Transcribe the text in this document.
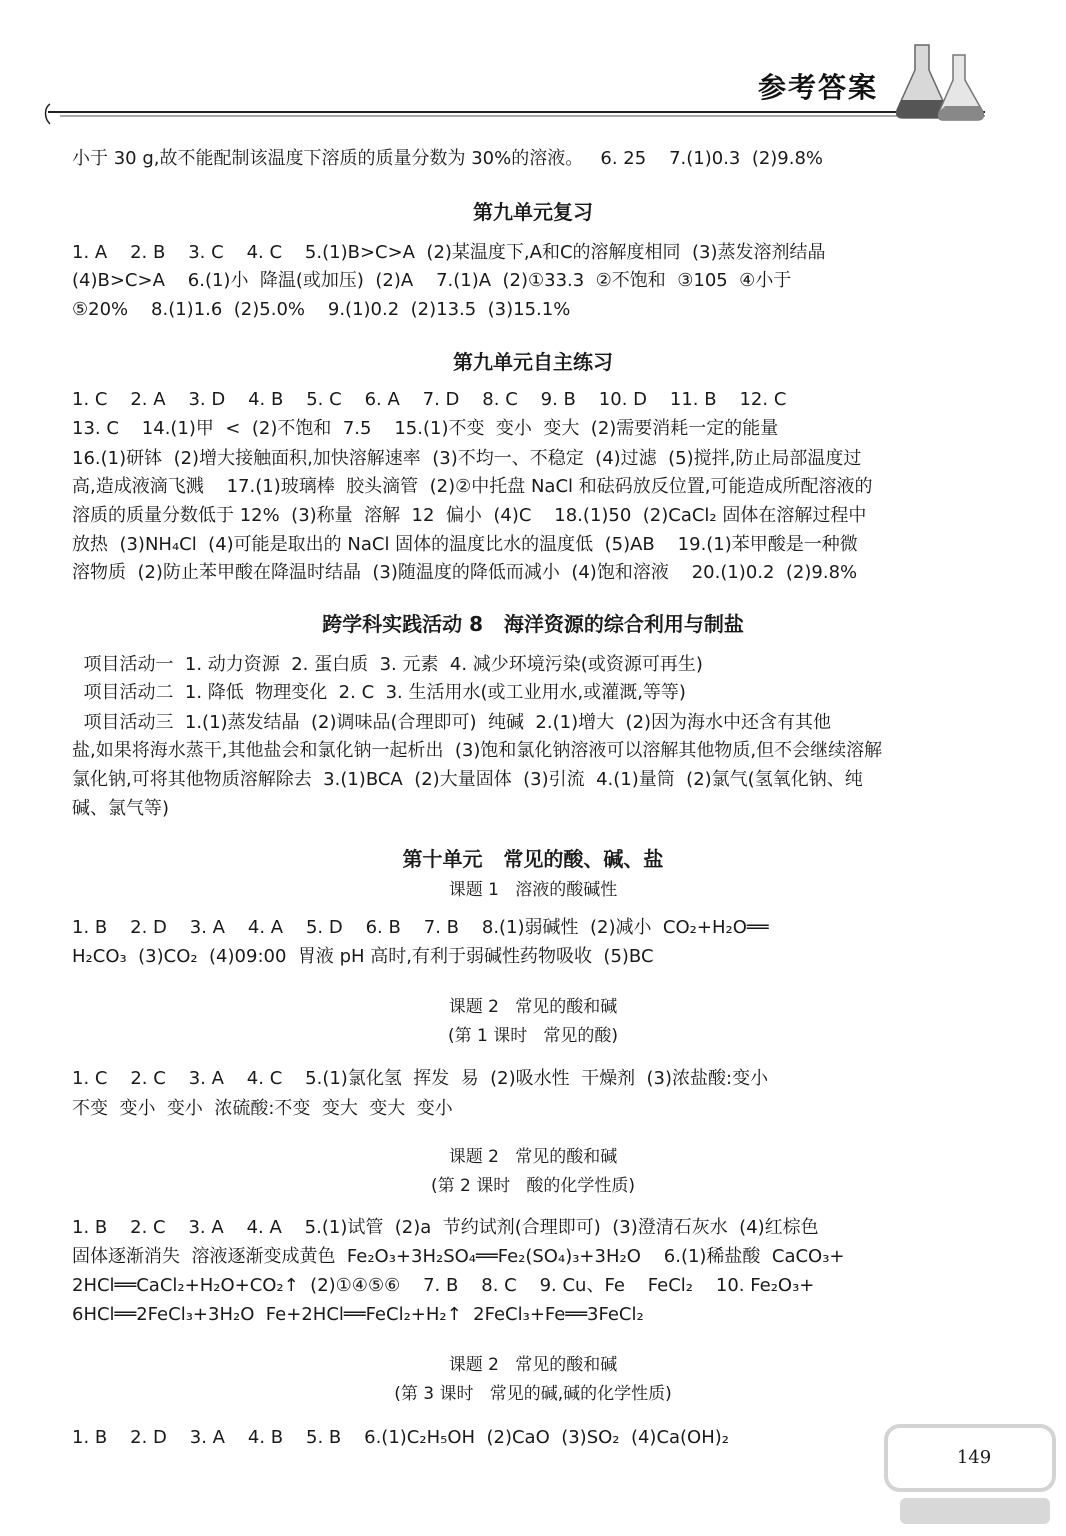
参考答案
小于 30 g,故不能配制该温度下溶质的质量分数为 30%的溶液。   6. 25    7.(1)0.3  (2)9.8%
第九单元复习
1. A    2. B    3. C    4. C    5.(1)B>C>A  (2)某温度下,A和C的溶解度相同  (3)蒸发溶剂结晶
(4)B>C>A    6.(1)小  降温(或加压)  (2)A    7.(1)A  (2)①33.3  ②不饱和  ③105  ④小于
⑤20%    8.(1)1.6  (2)5.0%    9.(1)0.2  (2)13.5  (3)15.1%
第九单元自主练习
1. C    2. A    3. D    4. B    5. C    6. A    7. D    8. C    9. B    10. D    11. B    12. C
13. C    14.(1)甲  <  (2)不饱和  7.5    15.(1)不变  变小  变大  (2)需要消耗一定的能量
16.(1)研钵  (2)增大接触面积,加快溶解速率  (3)不均一、不稳定  (4)过滤  (5)搅拌,防止局部温度过
高,造成液滴飞溅    17.(1)玻璃棒  胶头滴管  (2)②中托盘 NaCl 和砝码放反位置,可能造成所配溶液的
溶质的质量分数低于 12%  (3)称量  溶解  12  偏小  (4)C    18.(1)50  (2)CaCl₂ 固体在溶解过程中
放热  (3)NH₄Cl  (4)可能是取出的 NaCl 固体的温度比水的温度低  (5)AB    19.(1)苯甲酸是一种微
溶物质  (2)防止苯甲酸在降温时结晶  (3)随温度的降低而减小  (4)饱和溶液    20.(1)0.2  (2)9.8%
跨学科实践活动 8   海洋资源的综合利用与制盐
项目活动一  1. 动力资源  2. 蛋白质  3. 元素  4. 减少环境污染(或资源可再生)
项目活动二  1. 降低  物理变化  2. C  3. 生活用水(或工业用水,或灌溉,等等)
项目活动三  1.(1)蒸发结晶  (2)调味品(合理即可)  纯碱  2.(1)增大  (2)因为海水中还含有其他
盐,如果将海水蒸干,其他盐会和氯化钠一起析出  (3)饱和氯化钠溶液可以溶解其他物质,但不会继续溶解
氯化钠,可将其他物质溶解除去  3.(1)BCA  (2)大量固体  (3)引流  4.(1)量筒  (2)氯气(氢氧化钠、纯
碱、氯气等)
第十单元   常见的酸、碱、盐
课题 1   溶液的酸碱性
1. B    2. D    3. A    4. A    5. D    6. B    7. B    8.(1)弱碱性  (2)减小  CO₂+H₂O══
H₂CO₃  (3)CO₂  (4)09:00  胃液 pH 高时,有利于弱碱性药物吸收  (5)BC
课题 2   常见的酸和碱
(第 1 课时   常见的酸)
1. C    2. C    3. A    4. C    5.(1)氯化氢  挥发  易  (2)吸水性  干燥剂  (3)浓盐酸:变小
不变  变小  变小  浓硫酸:不变  变大  变大  变小
课题 2   常见的酸和碱
(第 2 课时   酸的化学性质)
1. B    2. C    3. A    4. A    5.(1)试管  (2)a  节约试剂(合理即可)  (3)澄清石灰水  (4)红棕色
固体逐渐消失  溶液逐渐变成黄色  Fe₂O₃+3H₂SO₄══Fe₂(SO₄)₃+3H₂O    6.(1)稀盐酸  CaCO₃+
2HCl══CaCl₂+H₂O+CO₂↑  (2)①④⑤⑥    7. B    8. C    9. Cu、Fe    FeCl₂    10. Fe₂O₃+
6HCl══2FeCl₃+3H₂O  Fe+2HCl══FeCl₂+H₂↑  2FeCl₃+Fe══3FeCl₂
课题 2   常见的酸和碱
(第 3 课时   常见的碱,碱的化学性质)
1. B    2. D    3. A    4. B    5. B    6.(1)C₂H₅OH  (2)CaO  (3)SO₂  (4)Ca(OH)₂
149
